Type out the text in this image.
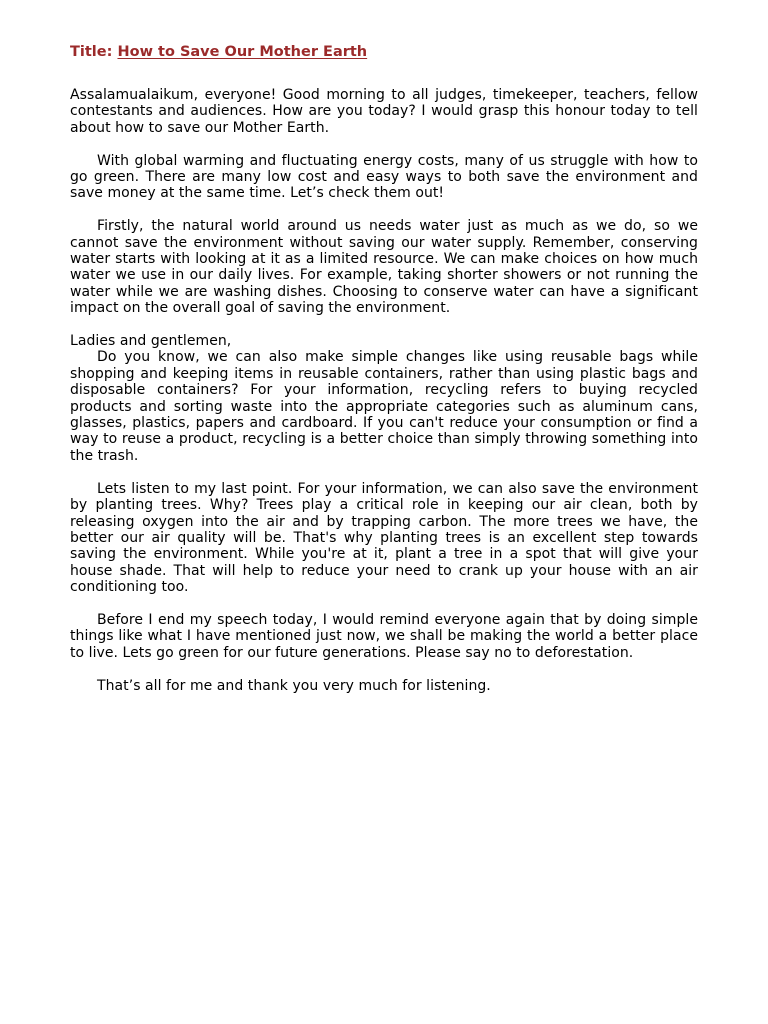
Title: How to Save Our Mother Earth

Assalamualaikum, everyone! Good morning to all judges, timekeeper, teachers, fellow contestants and audiences. How are you today? I would grasp this honour today to tell about how to save our Mother Earth.

With global warming and fluctuating energy costs, many of us struggle with how to go green. There are many low cost and easy ways to both save the environment and save money at the same time. Let’s check them out!

Firstly, the natural world around us needs water just as much as we do, so we cannot save the environment without saving our water supply. Remember, conserving water starts with looking at it as a limited resource. We can make choices on how much water we use in our daily lives. For example, taking shorter showers or not running the water while we are washing dishes. Choosing to conserve water can have a significant impact on the overall goal of saving the environment.

Ladies and gentlemen,

Do you know, we can also make simple changes like using reusable bags while shopping and keeping items in reusable containers, rather than using plastic bags and disposable containers? For your information, recycling refers to buying recycled products and sorting waste into the appropriate categories such as aluminum cans, glasses, plastics, papers and cardboard. If you can't reduce your consumption or find a way to reuse a product, recycling is a better choice than simply throwing something into the trash.

Lets listen to my last point. For your information, we can also save the environment by planting trees. Why? Trees play a critical role in keeping our air clean, both by releasing oxygen into the air and by trapping carbon. The more trees we have, the better our air quality will be. That's why planting trees is an excellent step towards saving the environment. While you're at it, plant a tree in a spot that will give your house shade. That will help to reduce your need to crank up your house with an air conditioning too.

Before I end my speech today, I would remind everyone again that by doing simple things like what I have mentioned just now, we shall be making the world a better place to live. Lets go green for our future generations. Please say no to deforestation.

That’s all for me and thank you very much for listening.
